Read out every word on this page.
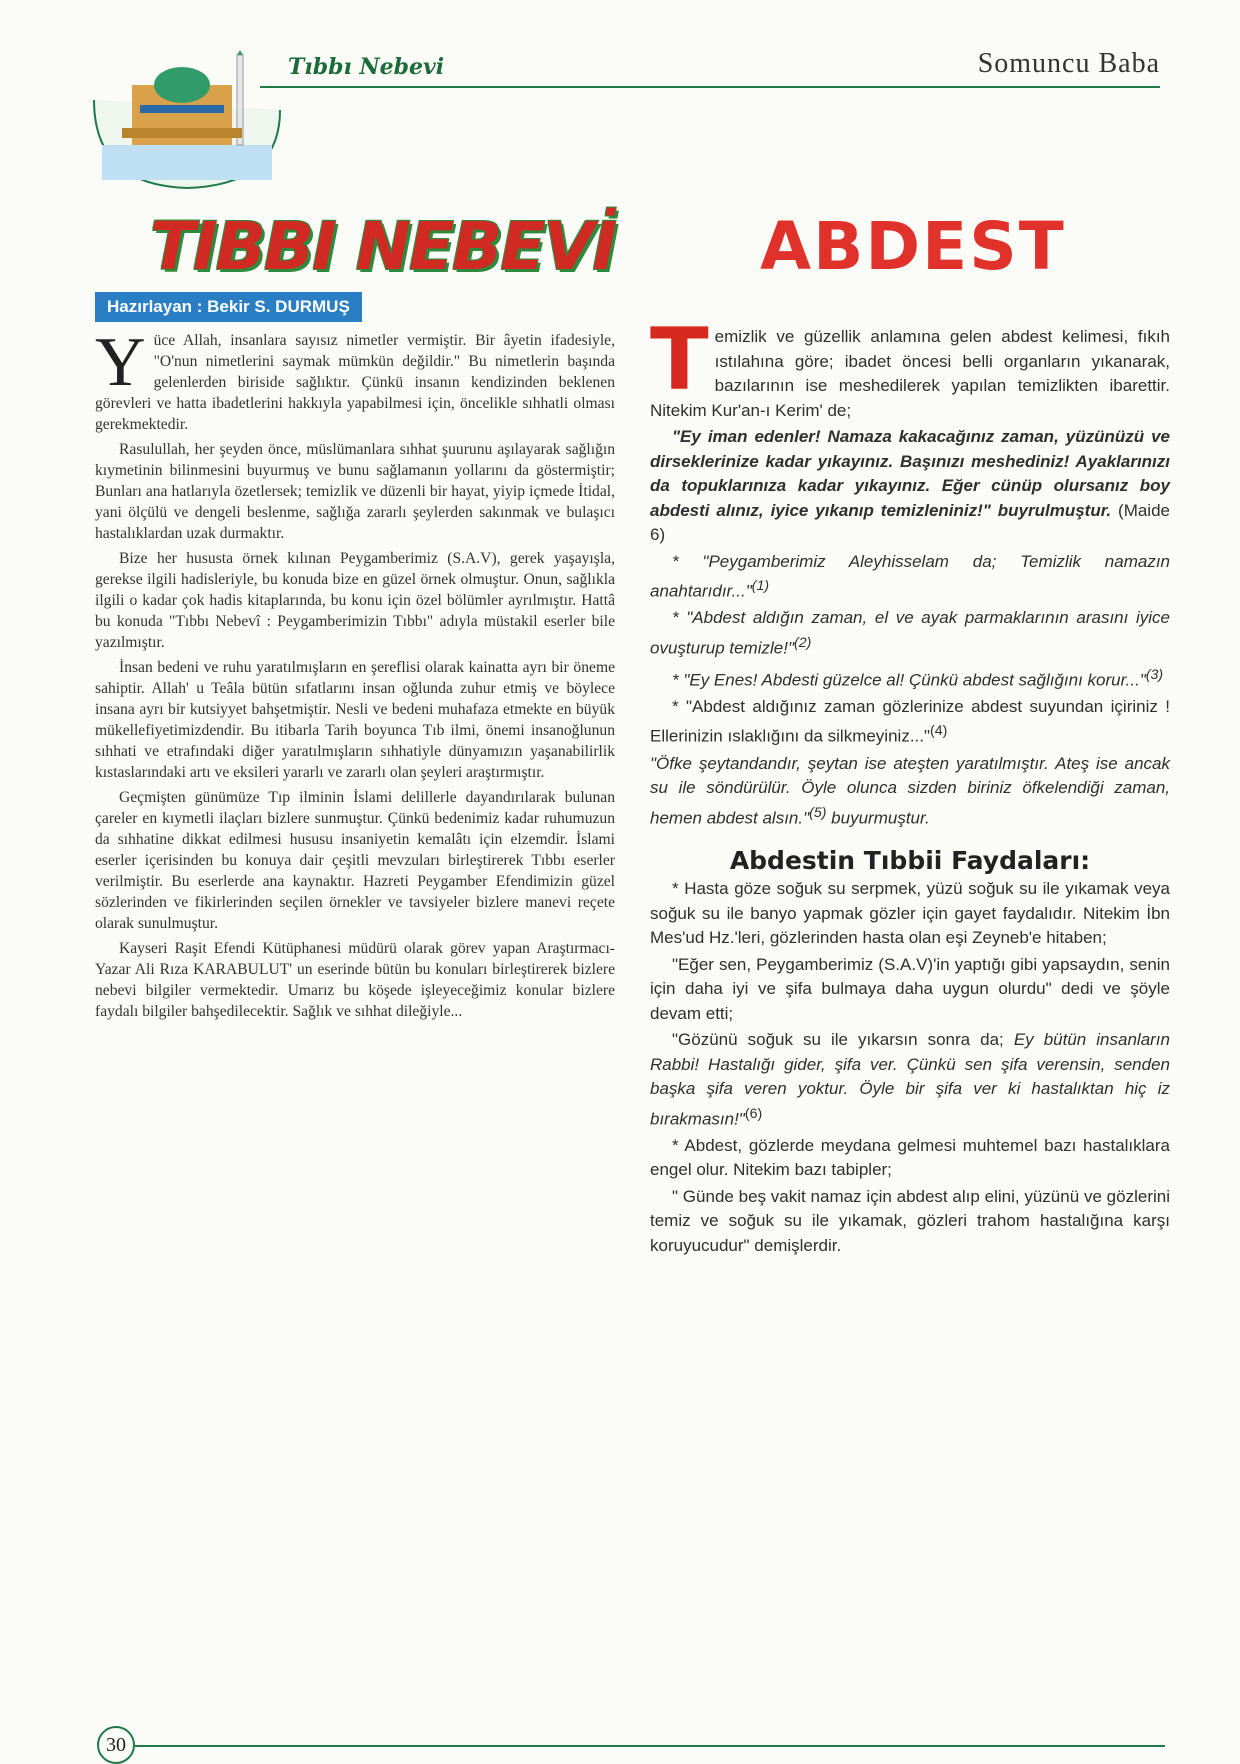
Tıbbı Nebevi	Somuncu Baba
TIBBI NEBEVİ ABDEST
Hazırlayan : Bekir S. DURMUŞ

Yüce Allah, insanlara sayısız nimetler vermiştir. Bir âyetin ifadesiyle, "O'nun nimetlerini saymak mümkün değildir." Bu nimetlerin başında gelenlerden biriside sağlıktır. Çünkü insanın kendizinden beklenen görevleri ve hatta ibadetlerini hakkıyla yapabilmesi için, öncelikle sıhhatli olması gerekmektedir.

Rasulullah, her şeyden önce, müslümanlara sıhhat şuurunu aşılayarak sağlığın kıymetinin bilinmesini buyurmuş ve bunu sağlamanın yollarını da göstermiştir; Bunları ana hatlarıyla özetlersek; temizlik ve düzenli bir hayat, yiyip içmede İtidal, yani ölçülü ve dengeli beslenme, sağlığa zararlı şeylerden sakınmak ve bulaşıcı hastalıklardan uzak durmaktır.

Bize her hususta örnek kılınan Peygamberimiz (S.A.V), gerek yaşayışla, gerekse ilgili hadisleriyle, bu konuda bize en güzel örnek olmuştur. Onun, sağlıkla ilgili o kadar çok hadis kitaplarında, bu konu için özel bölümler ayrılmıştır. Hattâ bu konuda "Tıbbı Nebevî : Peygamberimizin Tıbbı" adıyla müstakil eserler bile yazılmıştır.

İnsan bedeni ve ruhu yaratılmışların en şereflisi olarak kainatta ayrı bir öneme sahiptir. Allah' u Teâla bütün sıfatlarını insan oğlunda zuhur etmiş ve böylece insana ayrı bir kutsiyyet bahşetmiştir. Nesli ve bedeni muhafaza etmekte en büyük mükellefiyetimizdendir. Bu itibarla Tarih boyunca Tıb ilmi, önemi insanoğlunun sıhhati ve etrafındaki diğer yaratılmışların sıhhatiyle dünyamızın yaşanabilirlik kıstaslarındaki artı ve eksileri yararlı ve zararlı olan şeyleri araştırmıştır.

Geçmişten günümüze Tıp ilminin İslami delillerle dayandırılarak bulunan çareler en kıymetli ilaçları bizlere sunmuştur. Çünkü bedenimiz kadar ruhumuzun da sıhhatine dikkat edilmesi hususu insaniyetin kemalâtı için elzemdir. İslami eserler içerisinden bu konuya dair çeşitli mevzuları birleştirerek Tıbbı eserler verilmiştir. Bu eserlerde ana kaynaktır. Hazreti Peygamber Efendimizin güzel sözlerinden ve fikirlerinden seçilen örnekler ve tavsiyeler bizlere manevi reçete olarak sunulmuştur.

Kayseri Raşit Efendi Kütüphanesi müdürü olarak görev yapan Araştırmacı-Yazar Ali Rıza KARABULUT' un eserinde bütün bu konuları birleştirerek bizlere nebevi bilgiler vermektedir. Umarız bu köşede işleyeceğimiz konular bizlere faydalı bilgiler bahşedilecektir. Sağlık ve sıhhat dileğiyle...

Temizlik ve güzellik anlamına gelen abdest kelimesi, fıkıh ıstılahına göre; ibadet öncesi belli organların yıkanarak, bazılarının ise meshedilerek yapılan temizlikten ibarettir. Nitekim Kur'an-ı Kerim' de;

"Ey iman edenler! Namaza kakacağınız zaman, yüzünüzü ve dirseklerinize kadar yıkayınız. Başınızı meshediniz! Ayaklarınızı da topuklarınıza kadar yıkayınız. Eğer cünüp olursanız boy abdesti alınız, iyice yıkanıp temizleniniz!" buyrulmuştur. (Maide 6)

* "Peygamberimiz Aleyhisselam da; Temizlik namazın anahtarıdır..."$^{(1)}$

* "Abdest aldığın zaman, el ve ayak parmaklarının arasını iyice ovuşturup temizle!"$^{(2)}$

* "Ey Enes! Abdesti güzelce al! Çünkü abdest sağlığını korur..."$^{(3)}$

* "Abdest aldığınız zaman gözlerinize abdest suyundan içiriniz ! Ellerinizin ıslaklığını da silkmeyiniz..."$^{(4)}$

"Öfke şeytandandır, şeytan ise ateşten yaratılmıştır. Ateş ise ancak su ile söndürülür. Öyle olunca sizden biriniz öfkelendiği zaman, hemen abdest alsın."$^{(5)}$ buyurmuştur.

Abdestin Tıbbii Faydaları:

* Hasta göze soğuk su serpmek, yüzü soğuk su ile yıkamak veya soğuk su ile banyo yapmak gözler için gayet faydalıdır. Nitekim İbn Mes'ud Hz.'leri, gözlerinden hasta olan eşi Zeyneb'e hitaben;

"Eğer sen, Peygamberimiz (S.A.V)'in yaptığı gibi yapsaydın, senin için daha iyi ve şifa bulmaya daha uygun olurdu" dedi ve şöyle devam etti;

"Gözünü soğuk su ile yıkarsın sonra da; Ey bütün insanların Rabbi! Hastalığı gider, şifa ver. Çünkü sen şifa verensin, senden başka şifa veren yoktur. Öyle bir şifa ver ki hastalıktan hiç iz bırakmasın!"$^{(6)}$

* Abdest, gözlerde meydana gelmesi muhtemel bazı hastalıklara engel olur. Nitekim bazı tabipler;

" Günde beş vakit namaz için abdest alıp elini, yüzünü ve gözlerini temiz ve soğuk su ile yıkamak, gözleri trahom hastalığına karşı koruyucudur" demişlerdir.

30
